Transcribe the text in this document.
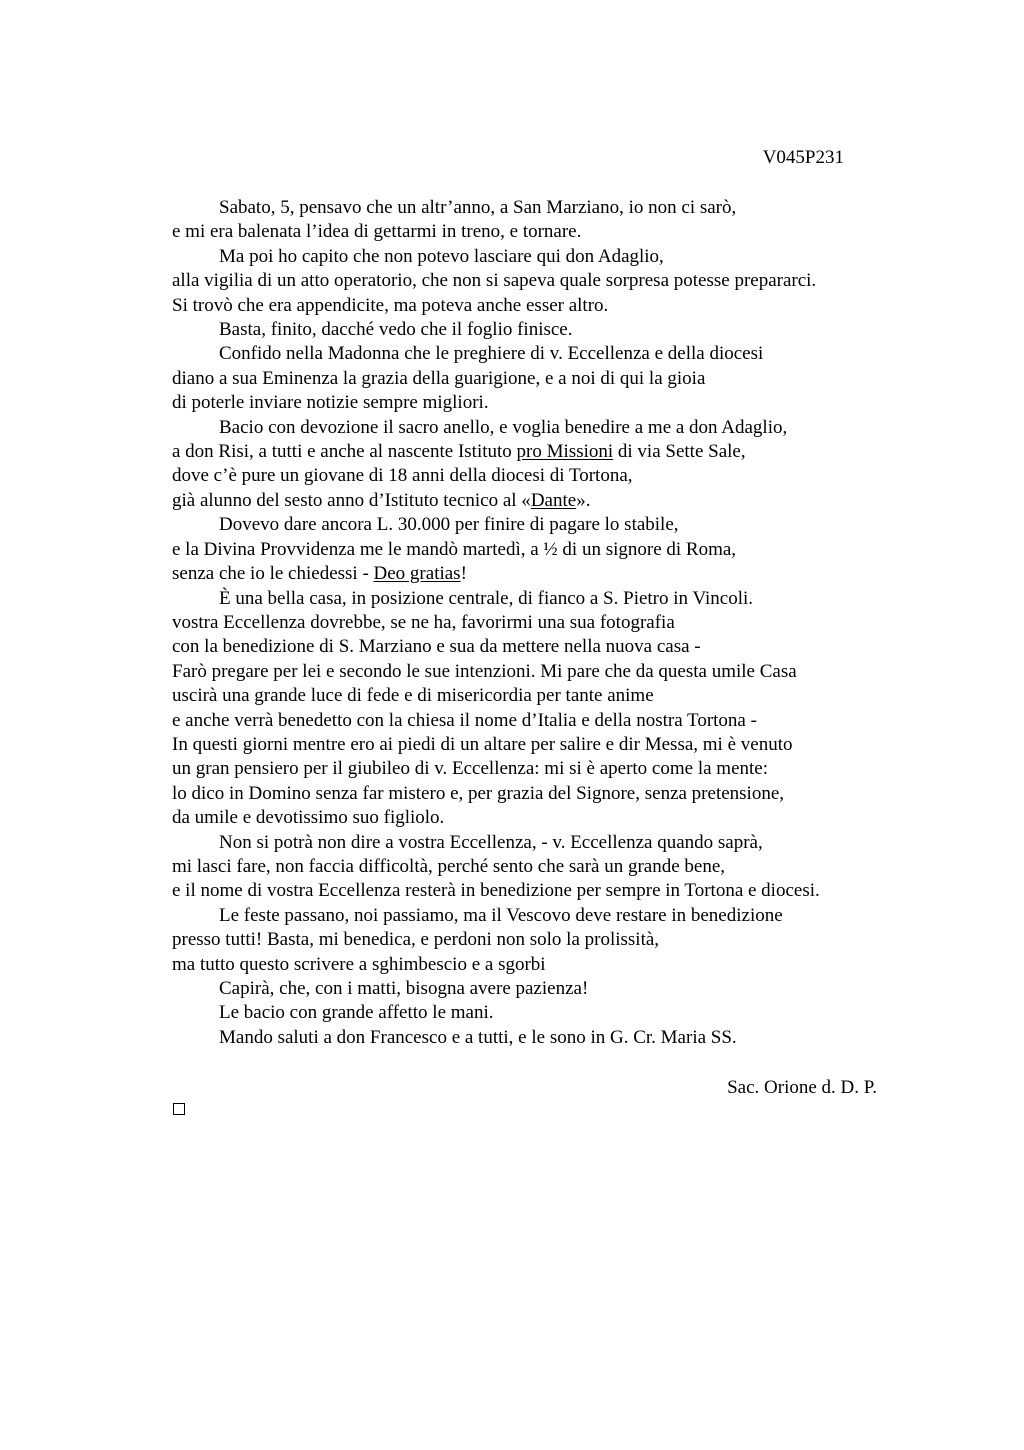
V045P231
Sabato, 5, pensavo che un altr’anno, a San Marziano, io non ci sarò,
e mi era balenata l’idea di gettarmi in treno, e tornare.
Ma poi ho capito che non potevo lasciare qui don Adaglio,
alla vigilia di un atto operatorio, che non si sapeva quale sorpresa potesse prepararci.
Si trovò che era appendicite, ma poteva anche esser altro.
Basta, finito, dacché vedo che il foglio finisce.
Confido nella Madonna che le preghiere di v. Eccellenza e della diocesi
diano a sua Eminenza la grazia della guarigione, e a noi di qui la gioia
di poterle inviare notizie sempre migliori.
Bacio con devozione il sacro anello, e voglia benedire a me a don Adaglio,
a don Risi, a tutti e anche al nascente Istituto pro Missioni di via Sette Sale,
dove c’è pure un giovane di 18 anni della diocesi di Tortona,
già alunno del sesto anno d’Istituto tecnico al «Dante».
Dovevo dare ancora L. 30.000 per finire di pagare lo stabile,
e la Divina Provvidenza me le mandò martedì, a ½ di un signore di Roma,
senza che io le chiedessi - Deo gratias!
È una bella casa, in posizione centrale, di fianco a S. Pietro in Vincoli.
vostra Eccellenza dovrebbe, se ne ha, favorirmi una sua fotografia
con la benedizione di S. Marziano e sua da mettere nella nuova casa -
Farò pregare per lei e secondo le sue intenzioni. Mi pare che da questa umile Casa
uscirà una grande luce di fede e di misericordia per tante anime
e anche verrà benedetto con la chiesa il nome d’Italia e della nostra Tortona -
In questi giorni mentre ero ai piedi di un altare per salire e dir Messa, mi è venuto
un gran pensiero per il giubileo di v. Eccellenza: mi si è aperto come la mente:
lo dico in Domino senza far mistero e, per grazia del Signore, senza pretensione,
da umile e devotissimo suo figliolo.
Non si potrà non dire a vostra Eccellenza, - v. Eccellenza quando saprà,
mi lasci fare, non faccia difficoltà, perché sento che sarà un grande bene,
e il nome di vostra Eccellenza resterà in benedizione per sempre in Tortona e diocesi.
Le feste passano, noi passiamo, ma il Vescovo deve restare in benedizione
presso tutti! Basta, mi benedica, e perdoni non solo la prolissità,
ma tutto questo scrivere a sghimbescio e a sgorbi
Capirà, che, con i matti, bisogna avere pazienza!
Le bacio con grande affetto le mani.
Mando saluti a don Francesco e a tutti, e le sono in G. Cr. Maria SS.
Sac. Orione d. D. P.
